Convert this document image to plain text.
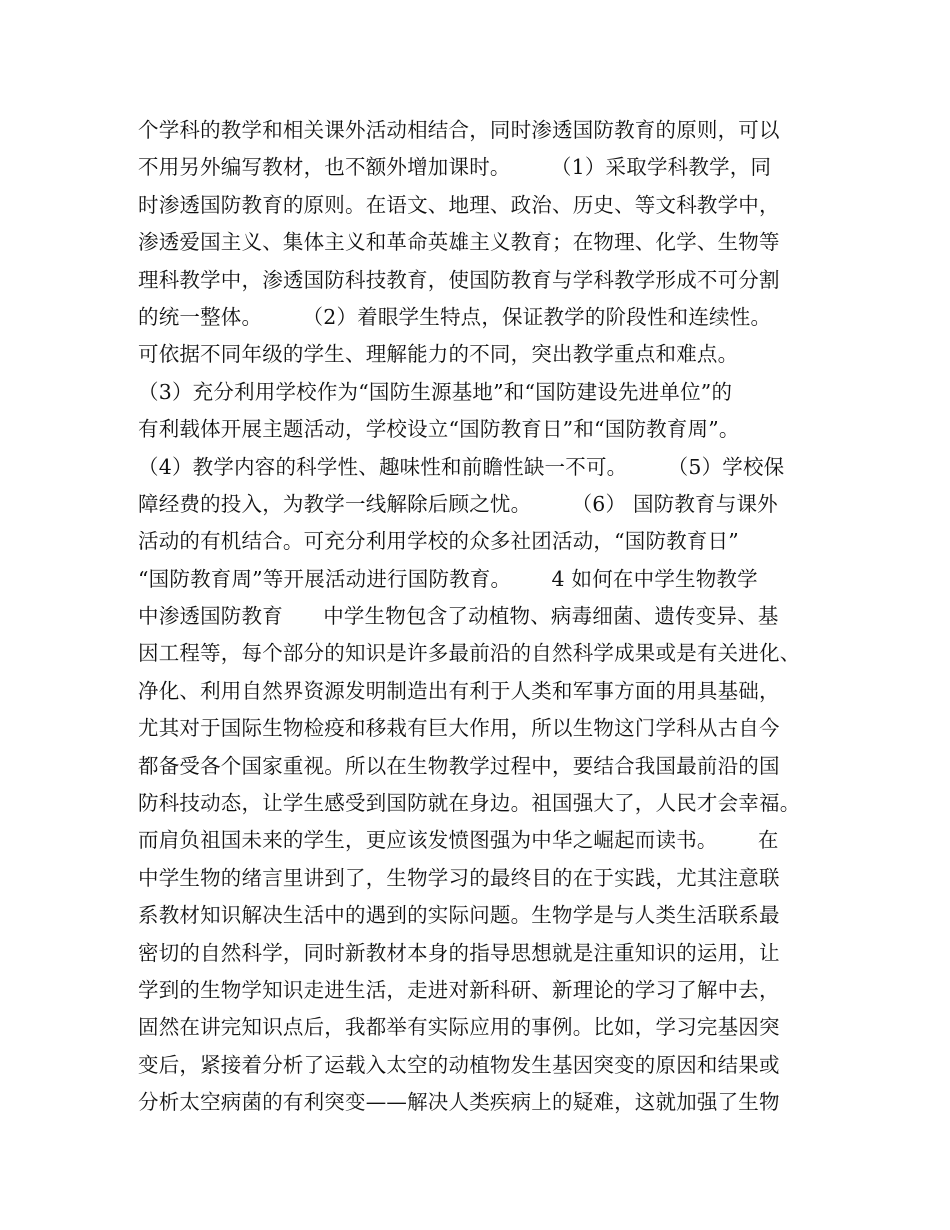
个学科的教学和相关课外活动相结合，同时渗透国防教育的原则，可以
不用另外编写教材，也不额外增加课时。      （1）采取学科教学，同
时渗透国防教育的原则。在语文、地理、政治、历史、等文科教学中，
渗透爱国主义、集体主义和革命英雄主义教育；在物理、化学、生物等
理科教学中，渗透国防科技教育，使国防教育与学科教学形成不可分割
的统一整体。      （2）着眼学生特点，保证教学的阶段性和连续性。
可依据不同年级的学生、理解能力的不同，突出教学重点和难点。
（3）充分利用学校作为“国防生源基地”和“国防建设先进单位”的
有利载体开展主题活动，学校设立“国防教育日”和“国防教育周”。
（4）教学内容的科学性、趣味性和前瞻性缺一不可。      （5）学校保
障经费的投入，为教学一线解除后顾之忧。      （6） 国防教育与课外
活动的有机结合。可充分利用学校的众多社团活动，“国防教育日”
“国防教育周”等开展活动进行国防教育。      4 如何在中学生物教学
中渗透国防教育      中学生物包含了动植物、病毒细菌、遗传变异、基
因工程等，每个部分的知识是许多最前沿的自然科学成果或是有关进化、
净化、利用自然界资源发明制造出有利于人类和军事方面的用具基础，
尤其对于国际生物检疫和移栽有巨大作用，所以生物这门学科从古自今
都备受各个国家重视。所以在生物教学过程中，要结合我国最前沿的国
防科技动态，让学生感受到国防就在身边。祖国强大了，人民才会幸福。
而肩负祖国未来的学生，更应该发愤图强为中华之崛起而读书。      在
中学生物的绪言里讲到了，生物学习的最终目的在于实践，尤其注意联
系教材知识解决生活中的遇到的实际问题。生物学是与人类生活联系最
密切的自然科学，同时新教材本身的指导思想就是注重知识的运用，让
学到的生物学知识走进生活，走进对新科研、新理论的学习了解中去，
固然在讲完知识点后，我都举有实际应用的事例。比如，学习完基因突
变后，紧接着分析了运载入太空的动植物发生基因突变的原因和结果或
分析太空病菌的有利突变——解决人类疾病上的疑难，这就加强了生物
